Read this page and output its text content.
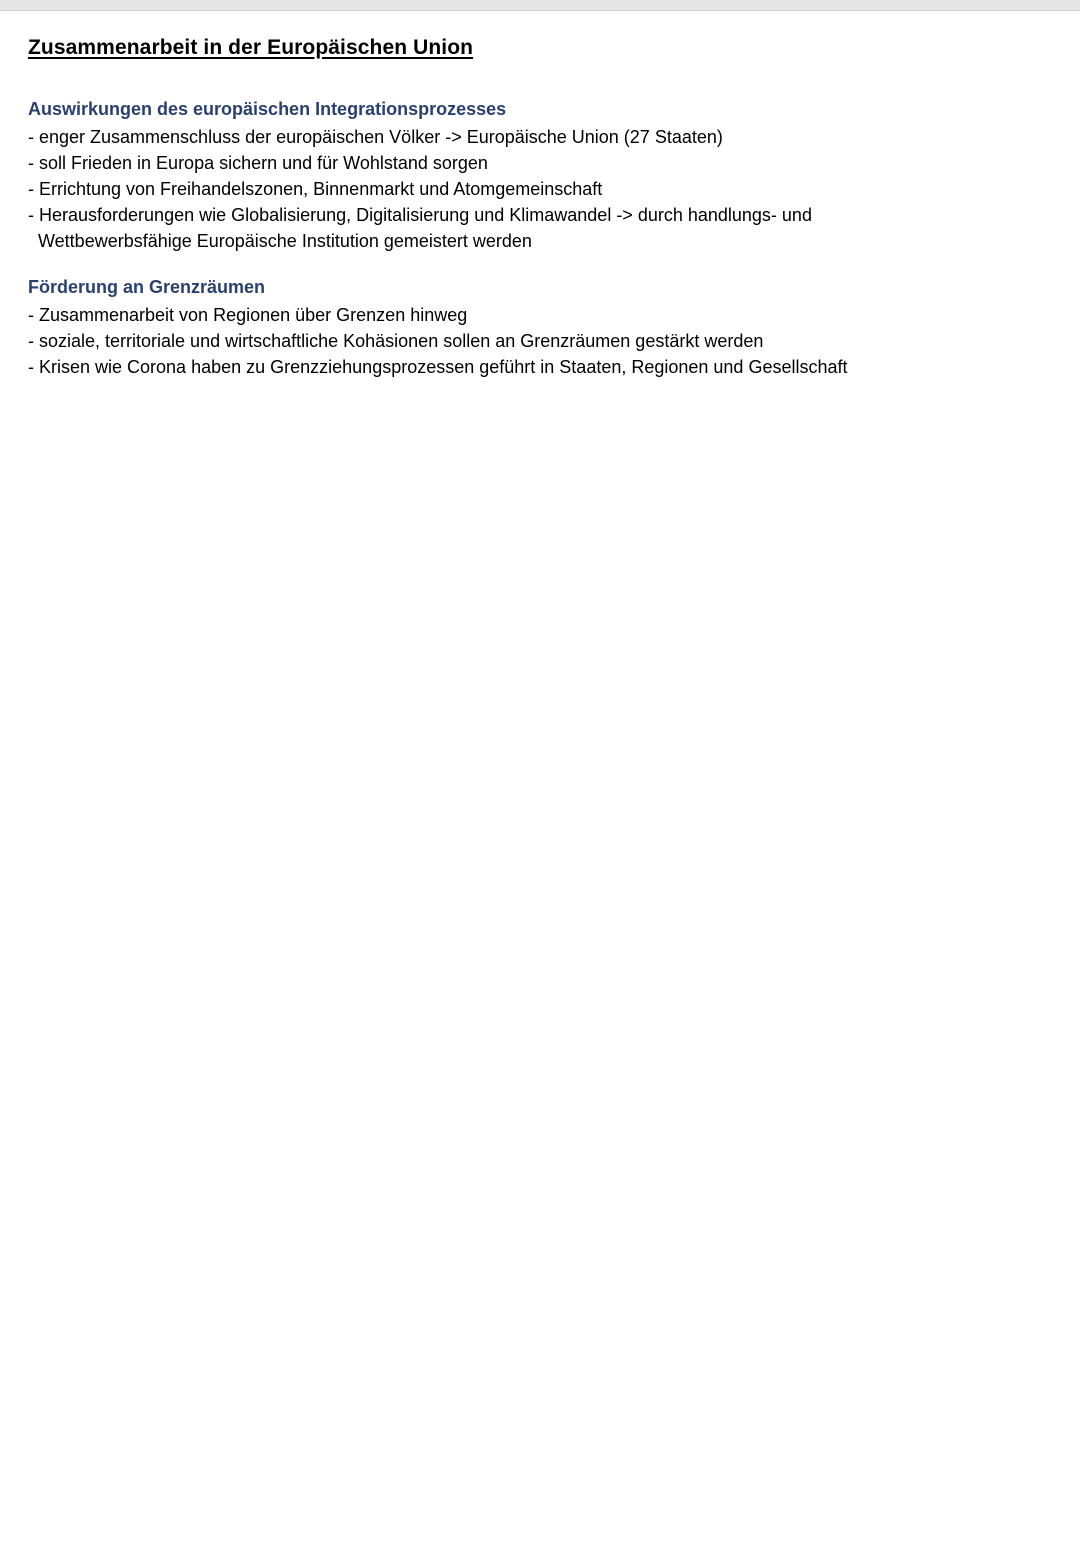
Zusammenarbeit in der Europäischen Union
Auswirkungen des europäischen Integrationsprozesses
- enger Zusammenschluss der europäischen Völker -> Europäische Union (27 Staaten)
- soll Frieden in Europa sichern und für Wohlstand sorgen
- Errichtung von Freihandelszonen, Binnenmarkt und Atomgemeinschaft
- Herausforderungen wie Globalisierung, Digitalisierung und Klimawandel -> durch handlungs- und Wettbewerbsfähige Europäische Institution gemeistert werden
Förderung an Grenzräumen
- Zusammenarbeit von Regionen über Grenzen hinweg
- soziale, territoriale und wirtschaftliche Kohäsionen sollen an Grenzräumen gestärkt werden
- Krisen wie Corona haben zu Grenzziehungsprozessen geführt in Staaten, Regionen und Gesellschaft
